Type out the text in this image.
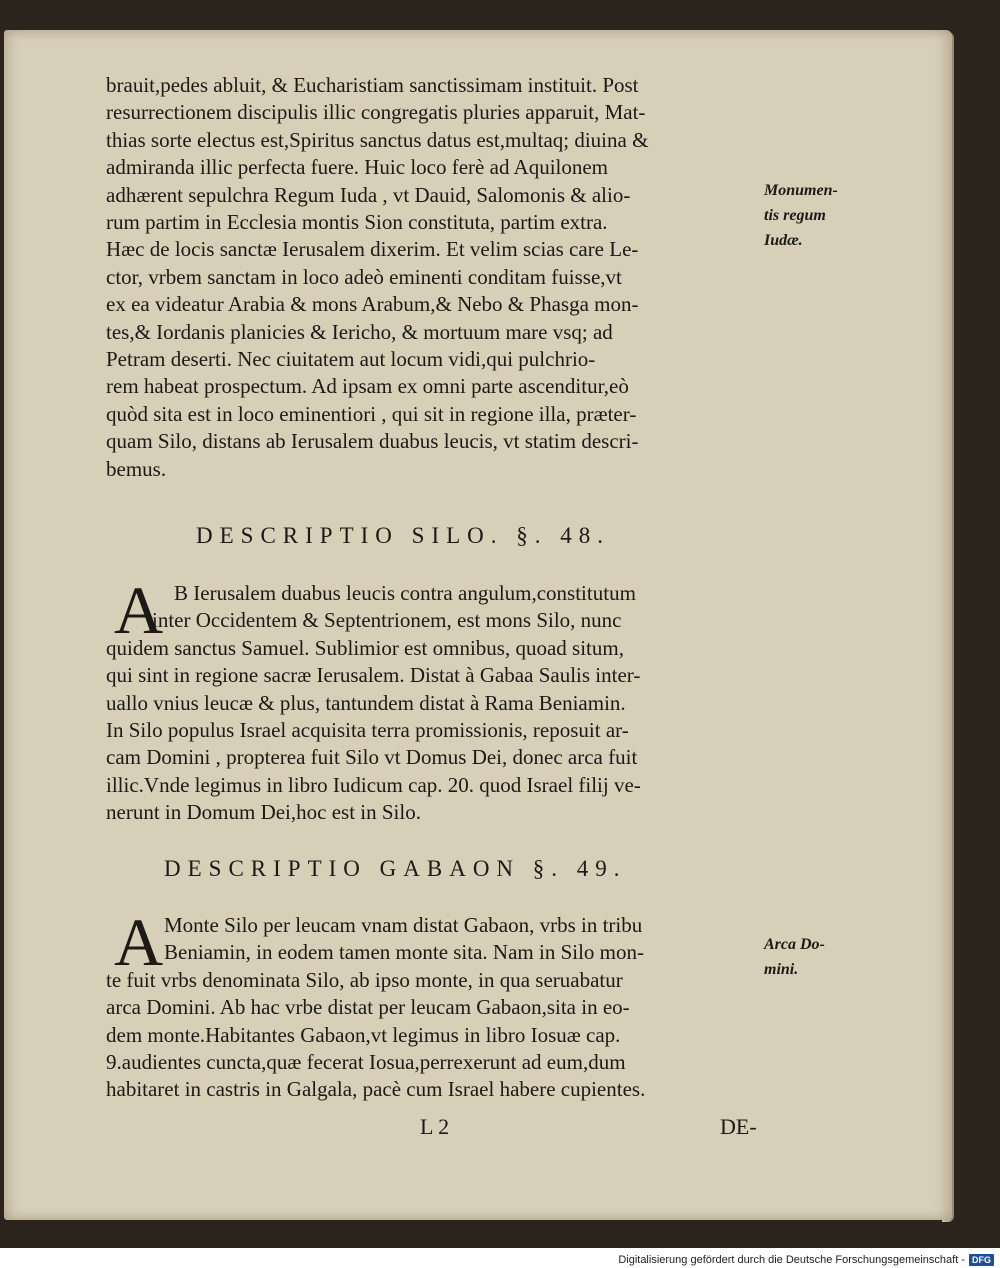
brauit,pedes abluit, & Eucharistiam sanctissimam instituit. Post
resurrectionem discipulis illic congregatis pluries apparuit, Mat-
thias sorte electus est,Spiritus sanctus datus est,multaq; diuina &
admiranda illic perfecta fuere. Huic loco ferè ad Aquilonem
adhærent sepulchra Regum Iuda , vt Dauid, Salomonis & alio-
rum partim in Ecclesia montis Sion constituta, partim extra.
Hæc de locis sanctæ Ierusalem dixerim. Et velim scias care Le-
ctor, vrbem sanctam in loco adeò eminenti conditam fuisse,vt
ex ea videatur Arabia & mons Arabum,& Nebo & Phasga mon-
tes,& Iordanis planicies & Iericho, & mortuum mare vsq; ad
Petram deserti. Nec ciuitatem aut locum vidi,qui pulchrio-
rem habeat prospectum. Ad ipsam ex omni parte ascenditur,eò
quòd sita est in loco eminentiori , qui sit in regione illa, præter-
quam Silo, distans ab Ierusalem duabus leucis, vt statim descri-
bemus.
Monumen-
tis regum
Iudæ.
DESCRIPTIO SILO. §. 48.
A B Ierusalem duabus leucis contra angulum,constitutum
inter Occidentem & Septentrionem, est mons Silo, nunc
quidem sanctus Samuel. Sublimior est omnibus, quoad situm,
qui sint in regione sacræ Ierusalem. Distat à Gabaa Saulis inter-
uallo vnius leucæ & plus, tantundem distat à Rama Beniamin.
In Silo populus Israel acquisita terra promissionis, reposuit ar-
cam Domini , propterea fuit Silo vt Domus Dei, donec arca fuit
illic.Vnde legimus in libro Iudicum cap. 20. quod Israel filij ve-
nerunt in Domum Dei,hoc est in Silo.
DESCRIPTIO GABAON §. 49.
A Monte Silo per leucam vnam distat Gabaon, vrbs in tribu
Beniamin, in eodem tamen monte sita. Nam in Silo mon-
te fuit vrbs denominata Silo, ab ipso monte, in qua seruabatur
arca Domini. Ab hac vrbe distat per leucam Gabaon,sita in eo-
dem monte.Habitantes Gabaon,vt legimus in libro Iosuæ cap.
9.audientes cuncta,quæ fecerat Iosua,perrexerunt ad eum,dum
habitaret in castris in Galgala, pacè cum Israel habere cupientes.
Arca Do-
mini.
L 2	DE-
Digitalisierung gefördert durch die Deutsche Forschungsgemeinschaft - DFG
